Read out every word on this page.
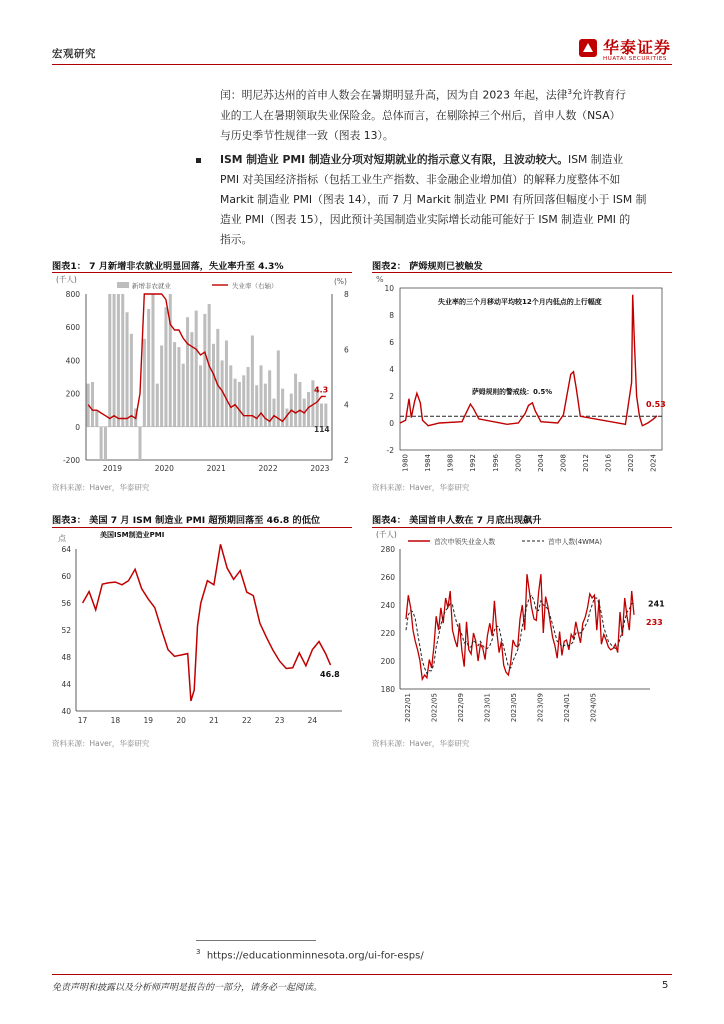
宏观研究	华泰证券
HUATAI SECURITIES
闰：明尼苏达州的首申人数会在暑期明显升高，因为自 2023 年起，法律$^3$允许教育行
业的工人在暑期领取失业保险金。总体而言，在剔除掉三个州后，首申人数（NSA）
与历史季节性规律一致（图表 13）。
ISM 制造业 PMI 制造业分项对短期就业的指示意义有限，且波动较大。ISM 制造业
PMI 对美国经济指标（包括工业生产指数、非金融企业增加值）的解释力度整体不如
Markit 制造业 PMI（图表 14），而 7 月 Markit 制造业 PMI 有所回落但幅度小于 ISM 制
造业 PMI（图表 15），因此预计美国制造业实际增长动能可能好于 ISM 制造业 PMI 的
指示。
图表1： 7 月新增非农就业明显回落，失业率升至 4.3%	图表2： 萨姆规则已被触发
(千人)	(%)
800
600
400
200
0
-200
8
6
4
2
2019	2020	2021	2022	2023
新增非农就业	失业率（右轴）
4.3
114
%
10
8
6
4
2
0
-2
1980 1984 1988 1992 1996 2000 2004 2008 2012 2016 2020 2024
失业率的三个月移动平均较12个月内低点的上行幅度
萨姆规则的警戒线：0.5%
0.53
资料来源：Haver，华泰研究	资料来源：Haver，华泰研究
图表3： 美国 7 月 ISM 制造业 PMI 超预期回落至 46.8 的低位	图表4： 美国首申人数在 7 月底出现飙升
点	美国ISM制造业PMI
64
60
56
52
48
44
40
17	18	19	20	21	22	23	24
46.8
(千人)
280
260
240
220
200
180
2022/01	2022/05	2022/09	2023/01	2023/05	2023/09	2024/01	2024/05
首次申领失业金人数	首申人数(4WMA)
241
233
资料来源：Haver，华泰研究	资料来源：Haver，华泰研究
$^3$ https://educationminnesota.org/ui-for-esps/
免责声明和披露以及分析师声明是报告的一部分，请务必一起阅读。	5
